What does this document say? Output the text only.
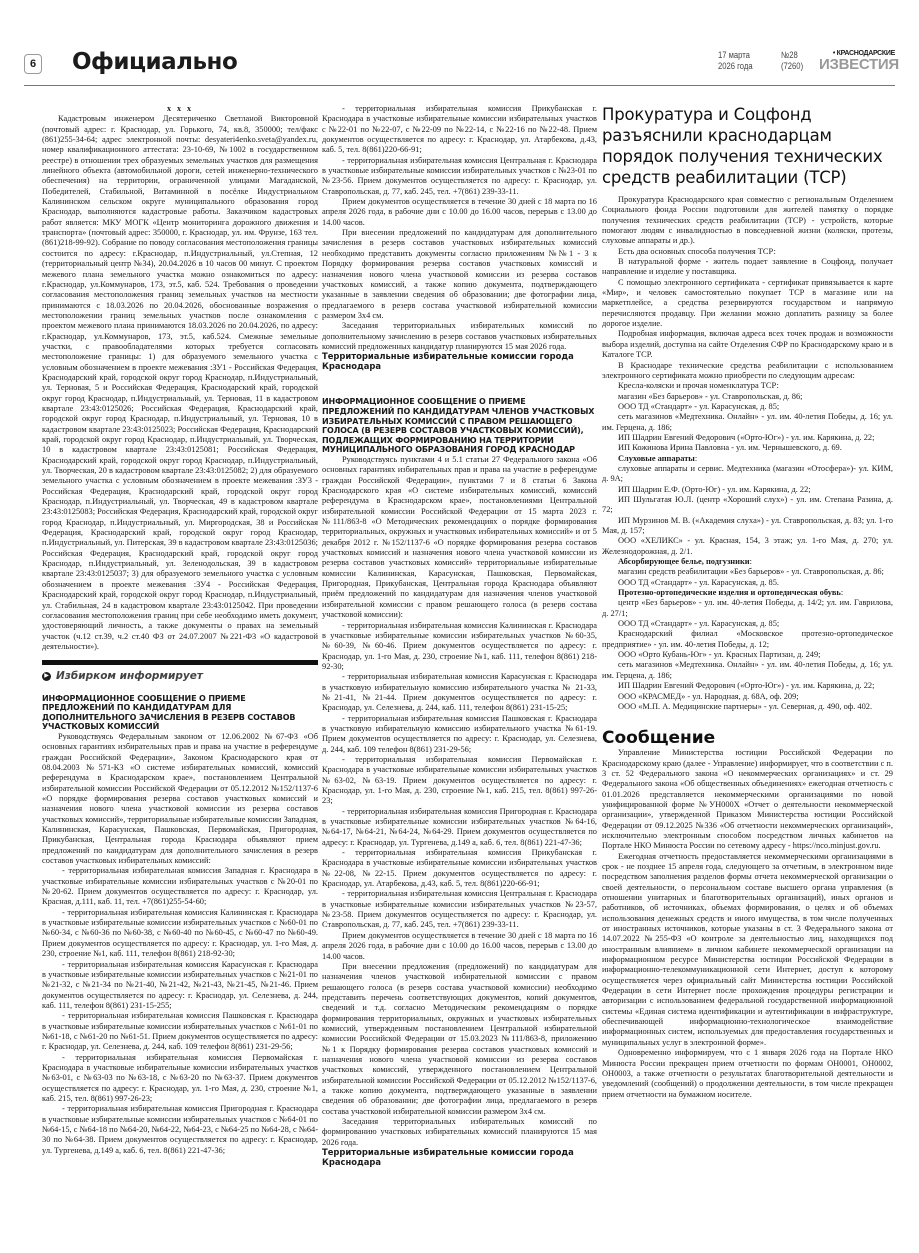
6 Официально	17 марта
2026 года
№28
(7260)
• КРАСНОДАРСКИЕ
ИЗВЕСТИЯ
x x x

Кадастровым инженером Десятериченко Светланой Викторовной (почтовый адрес: г. Краснодар, ул. Горького, 74, кв.8, 350000; тел/факс (861)255-34-64; адрес электронной почты: desyateri4enko.sveta@yandex.ru, номер квалификационного аттестата: 23-10-69, №1002 в государственном реестре) в отношении трех образуемых земельных участков для размещения линейного объекта (автомобильной дороги, сетей инженерно-технического обеспечения) на территории, ограниченной улицами Магаданской, Победителей, Стабильной, Витаминной в посёлке Индустриальном Калининском сельском округе муниципального образования город Краснодар, выполняются кадастровые работы. Заказчиком кадастровых работ является: МКУ МОГК «Центр мониторинга дорожного движения и транспорта» (почтовый адрес: 350000, г. Краснодар, ул. им. Фрунзе, 163 тел.(861)218-99-92). Собрание по поводу согласования местоположения границы состоится по адресу: г.Краснодар, п.Индустриальный, ул.Степная, 12 (территориальный центр №34), 20.04.2026 в 10 часов 00 минут. С проектом межевого плана земельного участка можно ознакомиться по адресу: г.Краснодар, ул.Коммунаров, 173, эт.5, каб. 524. Требования о проведении согласования местоположения границ земельных участков на местности принимаются с 18.03.2026 по 20.04.2026, обоснованные возражения о местоположении границ земельных участков после ознакомления с проектом межевого плана принимаются 18.03.2026 по 20.04.2026, по адресу: г.Краснодар, ул.Коммунаров, 173, эт.5, каб.524. Смежные земельные участки, с правообладателями которых требуется согласовать местоположение границы: 1) для образуемого земельного участка с условным обозначением в проекте межевания :ЗУ1 - Российская Федерация, Краснодарский край, городской округ город Краснодар, п.Индустриальный, ул. Терновая, 5 и Российская Федерация, Краснодарский край, городской округ город Краснодар, п.Индустриальный, ул. Терновая, 11 в кадастровом квартале 23:43:0125026; Российская Федерация, Краснодарский край, городской округ город Краснодар, п.Индустриальный, ул. Терновая, 10 в кадастровом квартале 23:43:0125023; Российская Федерация, Краснодарский край, городской округ город Краснодар, п.Индустриальный, ул. Творческая, 10 в кадастровом квартале 23:43:0125081; Российская Федерация, Краснодарский край, городской округ город Краснодар, п.Индустриальный, ул. Творческая, 20 в кадастровом квартале 23:43:0125082; 2) для образуемого земельного участка с условным обозначением в проекте межевания :ЗУ3 - Российская Федерация, Краснодарский край, городской округ город Краснодар, п.Индустриальный, ул. Творческая, 49 в кадастровом квартале 23:43:0125083; Российская Федерация, Краснодарский край, городской округ город Краснодар, п.Индустриальный, ул. Миргородская, 38 и Российская Федерация, Краснодарский край, городской округ город Краснодар, п.Индустриальный, ул. Питерская, 39 в кадастровом квартале 23:43:0125036; Российская Федерация, Краснодарский край, городской округ город Краснодар, п.Индустриальный, ул. Зеленодольская, 39 в кадастровом квартале 23:43:0125037; 3) для образуемого земельного участка с условным обозначением в проекте межевания :ЗУ4 - Российская Федерация, Краснодарский край, городской округ город Краснодар, п.Индустриальный, ул. Стабильная, 24 в кадастровом квартале 23:43:0125042. При проведении согласования местоположения границ при себе необходимо иметь документ, удостоверяющий личность, а также документы о правах на земельный участок (ч.12 ст.39, ч.2 ст.40 ФЗ от 24.07.2007 №221-ФЗ «О кадастровой деятельности»).

▶ Избирком информирует
ИНФОРМАЦИОННОЕ СООБЩЕНИЕ О ПРИЕМЕ ПРЕДЛОЖЕНИЙ ПО КАНДИДАТУРАМ ДЛЯ ДОПОЛНИТЕЛЬНОГО ЗАЧИСЛЕНИЯ В РЕЗЕРВ СОСТАВОВ УЧАСТКОВЫХ КОМИССИЙ

Руководствуясь Федеральным законом от 12.06.2002 №67-ФЗ «Об основных гарантиях избирательных прав и права на участие в референдуме граждан Российской Федерации», Законом Краснодарского края от 08.04.2003 №571-КЗ «О системе избирательных комиссий, комиссий референдума в Краснодарском крае», постановлением Центральной избирательной комиссии Российской Федерации от 05.12.2012 №152/1137-6 «О порядке формирования резерва составов участковых комиссий и назначения нового члена участковой комиссии из резерва составов участковых комиссий», территориальные избирательные комиссии Западная, Калининская, Карасунская, Пашковская, Первомайская, Пригородная, Прикубанская, Центральная города Краснодара объявляют прием предложений по кандидатурам для дополнительного зачисления в резерв составов участковых избирательных комиссий:

- территориальная избирательная комиссия Западная г. Краснодара в участковые избирательные комиссии избирательных участков с №20-01 по №20-62. Прием документов осуществляется по адресу: г. Краснодар, ул. Красная, д.111, каб. 11, тел. +7(861)255-54-60;

- территориальная избирательная комиссия Калининская г. Краснодара в участковые избирательные комиссии избирательных участков с №60-01 по №60-34, с №60-36 по №60-38, с №60-40 по №60-45, с №60-47 по №60-49. Прием документов осуществляется по адресу: г. Краснодар, ул. 1-го Мая, д. 230, строение №1, каб. 111, телефон 8(861) 218-92-30;

- территориальная избирательная комиссия Карасунская г. Краснодара в участковые избирательные комиссии избирательных участков с №21-01 по №21-32, с №21-34 по №21-40, №21-42, №21-43, №21-45, №21-46. Прием документов осуществляется по адресу: г. Краснодар, ул. Селезнева, д. 244, каб. 111, телефон 8(861) 231-15-255;

- территориальная избирательная комиссия Пашковская г. Краснодара в участковые избирательные комиссии избирательных участков с №61-01 по №61-18, с №61-20 по №61-51. Прием документов осуществляется по адресу: г. Краснодар, ул. Селезнева, д. 244, каб. 109 телефон 8(861) 231-29-56;

- территориальная избирательная комиссия Первомайская г. Краснодара в участковые избирательные комиссии избирательных участков №63-01, с №63-03 по №63-18, с №63-20 по №63-37. Прием документов осуществляется по адресу: г. Краснодар, ул. 1-го Мая, д. 230, строение №1, каб. 215, тел. 8(861) 997-26-23;

- территориальная избирательная комиссия Пригородная г. Краснодара в участковые избирательные комиссии избирательных участков с №64-01 по №64-15, с №64-18 по №64-20, №64-22, №64-23, с №64-25 по №64-28, с №64-30 по №64-38. Прием документов осуществляется по адресу: г. Краснодар, ул. Тургенева, д.149 а, каб. 6, тел. 8(861) 221-47-36;

- территориальная избирательная комиссия Прикубанская г. Краснодара в участковые избирательные комиссии избирательных участков с №22-01 по №22-07, с №22-09 по №22-14, с №22-16 по №22-48. Прием документов осуществляется по адресу: г. Краснодар, ул. Атарбекова, д.43, каб. 5, тел. 8(861)220-66-91;

- территориальная избирательная комиссия Центральная г. Краснодара в участковые избирательные комиссии избирательных участков с №23-01 по №23-56. Прием документов осуществляется по адресу: г. Краснодар, ул. Ставропольская, д. 77, каб. 245, тел. +7(861) 239-33-11.

Прием документов осуществляется в течение 30 дней с 18 марта по 16 апреля 2026 года, в рабочие дни с 10.00 до 16.00 часов, перерыв с 13.00 до 14.00 часов.

При внесении предложений по кандидатурам для дополнительного зачисления в резерв составов участковых избирательных комиссий необходимо представить документы согласно приложениям №№1 - 3 к Порядку формирования резерва составов участковых комиссий и назначения нового члена участковой комиссии из резерва составов участковых комиссий, а также копию документа, подтверждающего указанные в заявлении сведения об образовании; две фотографии лица, предлагаемого в резерв состава участковой избирательной комиссии размером 3х4 см.

Заседания территориальных избирательных комиссий по дополнительному зачислению в резерв составов участковых избирательных комиссий предложенных кандидатур планируются 15 мая 2026 года.

Территориальные избирательные комиссии города Краснодара
ИНФОРМАЦИОННОЕ СООБЩЕНИЕ О ПРИЕМЕ ПРЕДЛОЖЕНИЙ ПО КАНДИДАТУРАМ ЧЛЕНОВ УЧАСТКОВЫХ ИЗБИРАТЕЛЬНЫХ КОМИССИЙ С ПРАВОМ РЕШАЮЩЕГО ГОЛОСА (В РЕЗЕРВ СОСТАВОВ УЧАСТКОВЫХ КОМИССИЙ), ПОДЛЕЖАЩИХ ФОРМИРОВАНИЮ НА ТЕРРИТОРИИ МУНИЦИПАЛЬНОГО ОБРАЗОВАНИЯ ГОРОД КРАСНОДАР

Руководствуясь пунктами 4 и 5.1 статьи 27 Федерального закона «Об основных гарантиях избирательных прав и права на участие в референдуме граждан Российской Федерации», пунктами 7 и 8 статьи 6 Закона Краснодарского края «О системе избирательных комиссий, комиссий референдума в Краснодарском крае», постановлениями Центральной избирательной комиссии Российской Федерации от 15 марта 2023 г. №111/863-8 «О Методических рекомендациях о порядке формирования территориальных, окружных и участковых избирательных комиссий» и от 5 декабря 2012 г. №152/1137-6 «О порядке формирования резерва составов участковых комиссий и назначения нового члена участковой комиссии из резерва составов участковых комиссий» территориальные избирательные комиссии Калининская, Карасунская, Пашковская, Первомайская, Пригородная, Прикубанская, Центральная города Краснодара объявляют приём предложений по кандидатурам для назначения членов участковой избирательной комиссии с правом решающего голоса (в резерв состава участковой комиссии):

- территориальная избирательная комиссия Калининская г. Краснодара в участковые избирательные комиссии избирательных участков №60-35, №60-39, №60-46. Прием документов осуществляется по адресу: г. Краснодар, ул. 1-го Мая, д. 230, строение №1, каб. 111, телефон 8(861) 218-92-30;

- территориальная избирательная комиссия Карасунская г. Краснодара в участковую избирательную комиссию избирательного участка № 21-33, №21-41, №21-44. Прием документов осуществляется по адресу: г. Краснодар, ул. Селезнева, д. 244, каб. 111, телефон 8(861) 231-15-25;

- территориальная избирательная комиссия Пашковская г. Краснодара в участковую избирательную комиссию избирательного участка №61-19. Прием документов осуществляется по адресу: г. Краснодар, ул. Селезнева, д. 244, каб. 109 телефон 8(861) 231-29-56;

- территориальная избирательная комиссия Первомайская г. Краснодара в участковые избирательные комиссии избирательных участков №63-02, №63-19. Прием документов осуществляется по адресу: г. Краснодар, ул. 1-го Мая, д. 230, строение №1, каб. 215, тел. 8(861) 997-26-23;

- территориальная избирательная комиссия Пригородная г. Краснодара в участковые избирательные комиссии избирательных участков №64-16, №64-17, №64-21, №64-24, №64-29. Прием документов осуществляется по адресу: г. Краснодар, ул. Тургенева, д.149 а, каб. 6, тел. 8(861) 221-47-36;

- территориальная избирательная комиссия Прикубанская г. Краснодара в участковые избирательные комиссии избирательных участков №22-08, №22-15. Прием документов осуществляется по адресу: г. Краснодар, ул. Атарбекова, д.43, каб. 5, тел. 8(861)220-66-91;

- территориальная избирательная комиссия Центральная г. Краснодара в участковые избирательные комиссии избирательных участков №23-57, №23-58. Прием документов осуществляется по адресу: г. Краснодар, ул. Ставропольская, д. 77, каб. 245, тел. +7(861) 239-33-11.

Прием документов осуществляется в течение 30 дней с 18 марта по 16 апреля 2026 года, в рабочие дни с 10.00 до 16.00 часов, перерыв с 13.00 до 14.00 часов.

При внесении предложения (предложений) по кандидатурам для назначения членов участковой избирательной комиссии с правом решающего голоса (в резерв состава участковой комиссии) необходимо представить перечень соответствующих документов, копий документов, сведений и т.д. согласно Методическим рекомендациям о порядке формирования территориальных, окружных и участковых избирательных комиссий, утвержденным постановлением Центральной избирательной комиссии Российской Федерации от 15.03.2023 №111/863-8, приложению №1 к Порядку формирования резерва составов участковых комиссий и назначения нового члена участковой комиссии из резерва составов участковых комиссий, утвержденного постановлением Центральной избирательной комиссии Российской Федерации от 05.12.2012 №152/1137-6, а также копию документа, подтверждающего указанные в заявлении сведения об образовании; две фотографии лица, предлагаемого в резерв состава участковой избирательной комиссии размером 3х4 см.

Заседания территориальных избирательных комиссий по формированию участковых избирательных комиссий планируются 15 мая 2026 года.

Территориальные избирательные комиссии города Краснодара
Прокуратура и Соцфонд разъяснили краснодарцам порядок получения технических средств реабилитации (ТСР)

Прокуратура Краснодарского края совместно с региональным Отделением Социального фонда России подготовили для жителей памятку о порядке получения технических средств реабилитации (ТСР) - устройств, которые помогают людям с инвалидностью в повседневной жизни (коляски, протезы, слуховые аппараты и др.).

Есть два основных способа получения ТСР:

В натуральной форме - житель подает заявление в Соцфонд, получает направление и изделие у поставщика.

С помощью электронного сертификата - сертификат привязывается к карте «Мир», и человек самостоятельно покупает ТСР в магазине или на маркетплейсе, а средства резервируются государством и напрямую перечисляются продавцу. При желании можно доплатить разницу за более дорогое изделие.

Подробная информация, включая адреса всех точек продаж и возможности выбора изделий, доступна на сайте Отделения СФР по Краснодарскому краю и в Каталоге ТСР.

В Краснодаре технические средства реабилитации с использованием электронного сертификата можно приобрести по следующим адресам:

Кресла-коляски и прочая номенклатура ТСР:

магазин «Без барьеров» - ул. Ставропольская, д. 86;

ООО ТД «Стандарт» - ул. Карасунская, д. 85;

сеть магазинов «Медтехника. Онлайн» - ул. им. 40-летия Победы, д. 16; ул. им. Герцена, д. 186;

ИП Шадрин Евгений Федорович («Орто-Юг») - ул. им. Карякина, д. 22;

ИП Кожинова Ирина Павловна - ул. им. Чернышевского, д. 69.

Слуховые аппараты:

слуховые аппараты и сервис. Медтехника (магазин «Отосфера»)- ул. КИМ, д. 9А;

ИП Шадрин Е.Ф. (Орто-Юг) - ул. им. Карякина, д. 22;

ИП Шульгатая Ю.Л. (центр «Хороший слух») - ул. им. Степана Разина, д. 72;

ИП Мурзинов М. В. («Академия слуха») - ул. Ставропольская, д. 83; ул. 1-го Мая, д. 157;

ООО «ХЕЛИКС» - ул. Красная, 154, 3 этаж; ул. 1-го Мая, д. 270; ул. Железнодорожная, д. 2/1.

Абсорбирующее белье, подгузники:

магазин средств реабилитации «Без барьеров» - ул. Ставропольская, д. 86;

ООО ТД «Стандарт» - ул. Карасунская, д. 85.

Протезно-ортопедические изделия и ортопедическая обувь:

центр «Без барьеров» - ул. им. 40-летия Победы, д. 14/2; ул. им. Гаврилова, д. 27/1;

ООО ТД «Стандарт» - ул. Карасунская, д. 85;

Краснодарский филиал «Московское протезно-ортопедическое предприятие» - ул. им. 40-летия Победы, д. 12;

ООО «Орто Кубань-Юг» - ул. Красных Партизан, д. 249;

сеть магазинов «Медтехника. Онлайн» - ул. им. 40-летия Победы, д. 16; ул. им. Герцена, д. 186;

ИП Шадрин Евгений Федорович («Орто-Юг») - ул. им. Карякина, д. 22;

ООО «КРАСМЕД» - ул. Народная, д. 68А, оф. 209;

ООО «М.П. А. Медицинские партнеры» - ул. Северная, д. 490, оф. 402.

Сообщение

Управление Министерства юстиции Российской Федерации по Краснодарскому краю (далее - Управление) информирует, что в соответствии с п. 3 ст. 52 Федерального закона «О некоммерческих организациях» и ст. 29 Федерального закона «Об общественных объединениях» ежегодная отчетность с 01.01.2026 представляется некоммерческими организациями по новой унифицированной форме №УН000Х «Отчет о деятельности некоммерческой организации», утвержденной Приказом Министерства юстиции Российской Федерации от 09.12.2025 №336 «Об отчетности некоммерческих организаций», исключительно электронным способом посредством личных кабинетов на Портале НКО Минюста России по сетевому адресу - https://nco.minjust.gov.ru.

Ежегодная отчетность предоставляется некоммерческими организациями в срок - не позднее 15 апреля года, следующего за отчетным, в электронном виде посредством заполнения разделов формы отчета некоммерческой организации о своей деятельности, о персональном составе высшего органа управления (в отношении унитарных и благотворительных организаций), иных органов и работников, об источниках, объемах формирования, о целях и об объемах использования денежных средств и иного имущества, в том числе полученных от иностранных источников, которые указаны в ст. 3 Федерального закона от 14.07.2022 №255-ФЗ «О контроле за деятельностью лиц, находящихся под иностранным влиянием» в личном кабинете некоммерческой организации на информационном ресурсе Министерства юстиции Российской Федерации в информационно-телекоммуникационной сети Интернет, доступ к которому осуществляется через официальный сайт Министерства юстиции Российской Федерации в сети Интернет после прохождения процедуры регистрации и авторизации с использованием федеральной государственной информационной системы «Единая система идентификации и аутентификации в инфраструктуре, обеспечивающей информационно-технологическое взаимодействие информационных систем, используемых для предоставления государственных и муниципальных услуг в электронной форме».

Одновременно информируем, что с 1 января 2026 года на Портале НКО Минюста России прекращен прием отчетности по формам ОН0001, ОН0002, ОН0003, а также отчетности о результатах благотворительной деятельности и уведомлений (сообщений) о продолжении деятельности, в том числе прекращен прием отчетности на бумажном носителе.
